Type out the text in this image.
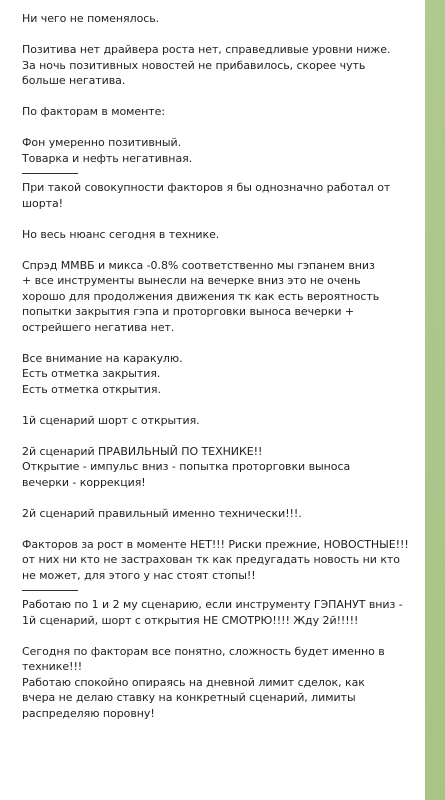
Ни чего не поменялось.
Позитива нет драйвера роста нет, справедливые уровни ниже.
За ночь позитивных новостей не прибавилось, скорее чуть
больше негатива.
По факторам в моменте:
Фон умеренно позитивный.
Товарка и нефть негативная.
При такой совокупности факторов я бы однозначно работал от
шорта!
Но весь нюанс сегодня в технике.
Спрэд ММВБ и микса -0.8% соответственно мы гэпанем вниз
+ все инструменты вынесли на вечерке вниз это не очень
хорошо для продолжения движения тк как есть вероятность
попытки закрытия гэпа и проторговки выноса вечерки +
острейшего негатива нет.
Все внимание на каракулю.
Есть отметка закрытия.
Есть отметка открытия.
1й сценарий шорт с открытия.
2й сценарий ПРАВИЛЬНЫЙ ПО ТЕХНИКЕ!!
Открытие - импульс вниз - попытка проторговки выноса
вечерки - коррекция!
2й сценарий правильный именно технически!!!.
Факторов за рост в моменте НЕТ!!! Риски прежние, НОВОСТНЫЕ!!!
от них ни кто не застрахован тк как предугадать новость ни кто
не может, для этого у нас стоят стопы!!
Работаю по 1 и 2 му сценарию, если инструменту ГЭПАНУТ вниз -
1й сценарий, шорт с открытия НЕ СМОТРЮ!!!! Жду 2й!!!!!
Сегодня по факторам все понятно, сложность будет именно в
технике!!!
Работаю спокойно опираясь на дневной лимит сделок, как
вчера не делаю ставку на конкретный сценарий, лимиты
распределяю поровну!
